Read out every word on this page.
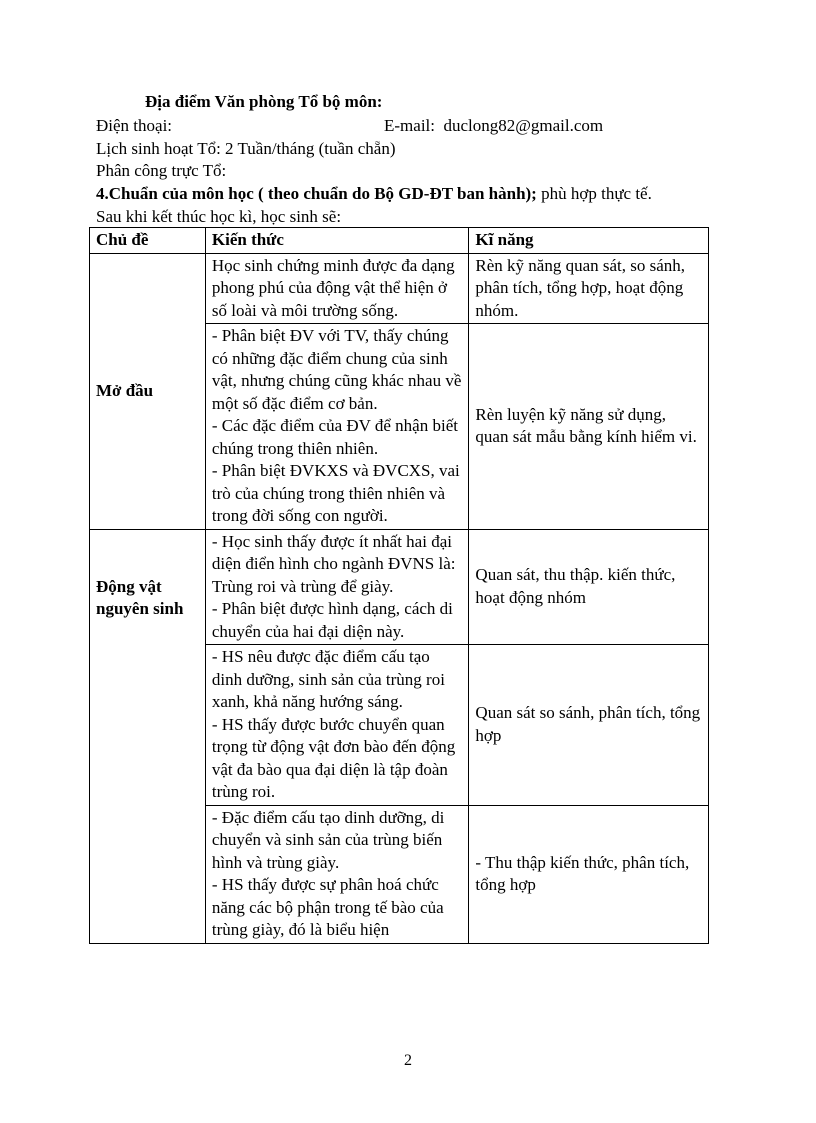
Địa điểm Văn phòng Tổ bộ môn:
Điện thoại:	E-mail: duclong82@gmail.com
Lịch sinh hoạt Tổ: 2 Tuần/tháng (tuần chẵn)
Phân công trực Tổ:
4.Chuẩn của môn học ( theo chuẩn do Bộ GD-ĐT ban hành); phù hợp thực tế.
Sau khi kết thúc học kì, học sinh sẽ:
Chủ đề	Kiến thức	Kĩ năng
Mở đầu	Học sinh chứng minh được đa dạng phong phú của động vật thể hiện ở số loài và môi trường sống.	Rèn kỹ năng quan sát, so sánh, phân tích, tổng hợp, hoạt động nhóm.

	- Phân biệt ĐV với TV, thấy chúng có những đặc điểm chung của sinh vật, nhưng chúng cũng khác nhau về một số đặc điểm cơ bản.
- Các đặc điểm của ĐV để nhận biết chúng trong thiên nhiên.
- Phân biệt ĐVKXS và ĐVCXS, vai trò của chúng trong thiên nhiên và trong đời sống con người.	Rèn luyện kỹ năng sử dụng, quan sát mẫu bằng kính hiểm vi.
Động vật nguyên sinh	- Học sinh thấy được ít nhất hai đại diện điển hình cho ngành ĐVNS là: Trùng roi và trùng để giày.
- Phân biệt được hình dạng, cách di chuyển của hai đại diện này.	Quan sát, thu thập. kiến thức, hoạt động nhóm

	- HS nêu được đặc điểm cấu tạo dinh dưỡng, sinh sản của trùng roi xanh, khả năng hướng sáng.
- HS thấy được bước chuyển quan trọng từ động vật đơn bào đến động vật đa bào qua đại diện là tập đoàn trùng roi.	Quan sát so sánh, phân tích, tổng hợp

	- Đặc điểm cấu tạo dinh dưỡng, di chuyển và sinh sản của trùng biến hình và trùng giày.
- HS thấy được sự phân hoá chức năng các bộ phận trong tế bào của trùng giày, đó là biểu hiện	- Thu thập kiến thức, phân tích, tổng hợp
2
